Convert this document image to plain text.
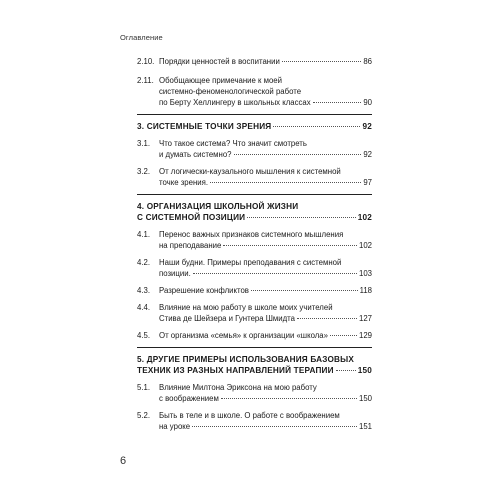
Оглавление
2.10. Порядки ценностей в воспитании	86
2.11. Обобщающее примечание к моей
системно-феноменологической работе
по Берту Хеллингеру в школьных классах	90
3. СИСТЕМНЫЕ ТОЧКИ ЗРЕНИЯ	92
3.1. Что такое система? Что значит смотреть
и думать системно?	92
3.2. От логически-каузального мышления к системной
точке зрения.	97
4. ОРГАНИЗАЦИЯ ШКОЛЬНОЙ ЖИЗНИ
С СИСТЕМНОЙ ПОЗИЦИИ	102
4.1. Перенос важных признаков системного мышления
на преподавание	102
4.2. Наши будни. Примеры преподавания с системной
позиции.	103
4.3. Разрешение конфликтов	118
4.4. Влияние на мою работу в школе моих учителей
Стива де Шейзера и Гунтера Шмидта	127
4.5. От организма «семья» к организации «школа»	129
5. ДРУГИЕ ПРИМЕРЫ ИСПОЛЬЗОВАНИЯ БАЗОВЫХ
ТЕХНИК ИЗ РАЗНЫХ НАПРАВЛЕНИЙ ТЕРАПИИ	150
5.1. Влияние Милтона Эриксона на мою работу
с воображением	150
5.2. Быть в теле и в школе. О работе с воображением
на уроке	151
6
